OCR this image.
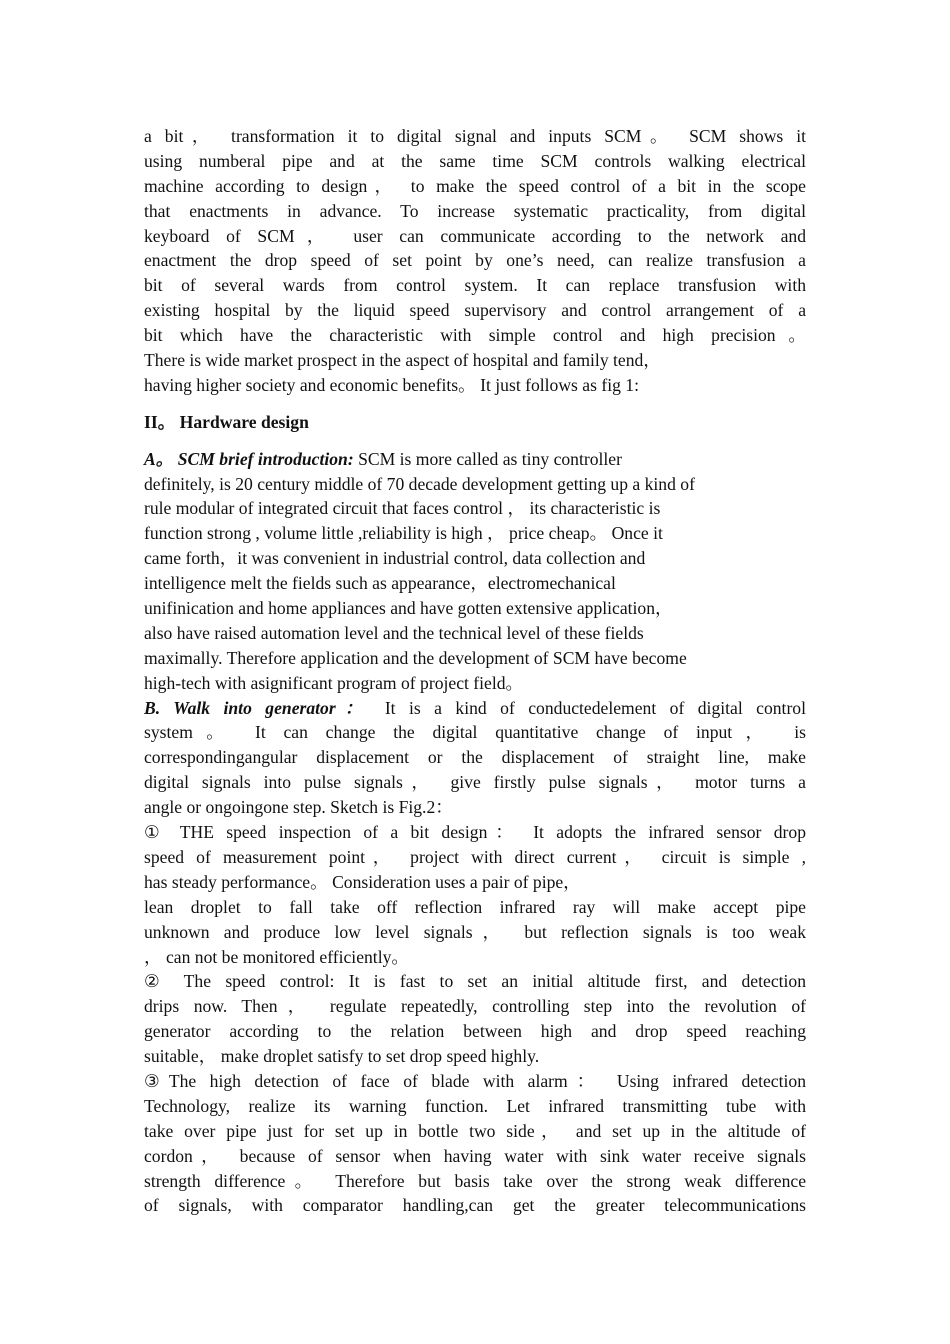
a bit， transformation it to digital signal and inputs SCM。 SCM shows it
using numberal pipe and at the same time SCM controls walking electrical
machine according to design， to make the speed control of a bit in the scope
that enactments in advance. To increase systematic practicality, from digital
keyboard of SCM， user can communicate according to the network and
enactment the drop speed of set point by one’s need, can realize transfusion a
bit of several wards from control system. It can replace transfusion with
existing hospital by the liquid speed supervisory and control arrangement of a
bit which have the characteristic with simple control and high precision。
There is wide market prospect in the aspect of hospital and family tend，
having higher society and economic benefits。 It just follows as fig 1:
II。 Hardware design
A。 SCM brief introduction: SCM is more called as tiny controller
definitely, is 20 century middle of 70 decade development getting up a kind of
rule modular of integrated circuit that faces control ， its characteristic is
function strong , volume little ,reliability is high ， price cheap。 Once it
came forth，it was convenient in industrial control, data collection and
intelligence melt the fields such as appearance，electromechanical
unifinication and home appliances and have gotten extensive application，
also have raised automation level and the technical level of these fields
maximally. Therefore application and the development of SCM have become
high-tech with asignificant program of project field。
B. Walk into generator： It is a kind of conductedelement of digital control
system。 It can change the digital quantitative change of input， is
correspondingangular displacement or the displacement of straight line, make
digital signals into pulse signals， give firstly pulse signals， motor turns a
angle or ongoingone step. Sketch is Fig.2：
① THE speed inspection of a bit design： It adopts the infrared sensor drop
speed of measurement point， project with direct current， circuit is simple ,
has steady performance。 Consideration uses a pair of pipe，
lean droplet to fall take off reflection infrared ray will make accept pipe
unknown and produce low level signals， but reflection signals is too weak
， can not be monitored efficiently。
② The speed control: It is fast to set an initial altitude first, and detection
drips now. Then， regulate repeatedly, controlling step into the revolution of
generator according to the relation between high and drop speed reaching
suitable， make droplet satisfy to set drop speed highly.
③The high detection of face of blade with alarm： Using infrared detection
Technology, realize its warning function. Let infrared transmitting tube with
take over pipe just for set up in bottle two side， and set up in the altitude of
cordon， because of sensor when having water with sink water receive signals
strength difference。 Therefore but basis take over the strong weak difference
of signals, with comparator handling,can get the greater telecommunications
